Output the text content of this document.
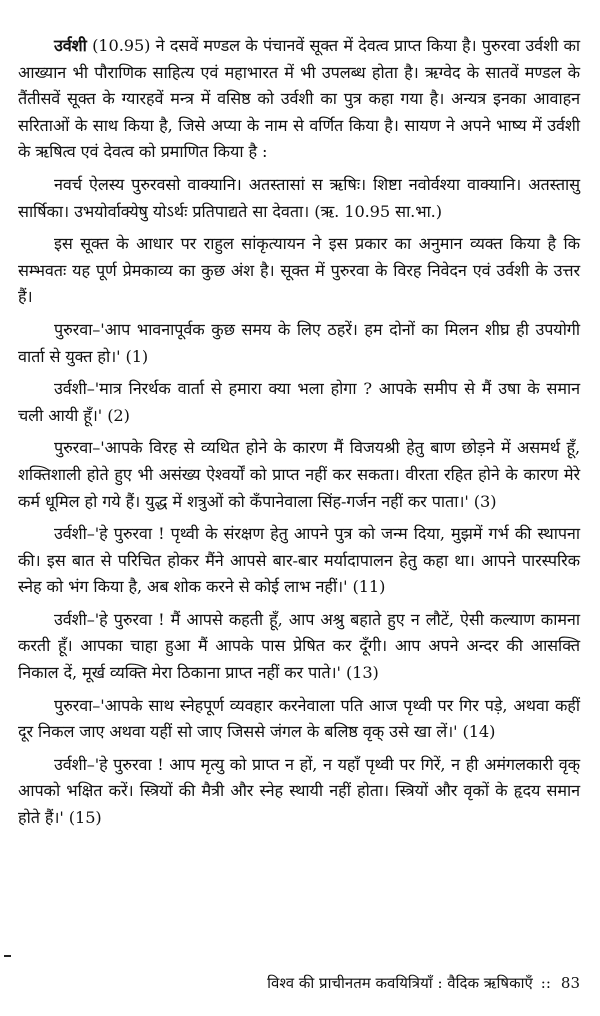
उर्वशी (10.95) ने दसवें मण्डल के पंचानवें सूक्त में देवत्व प्राप्त किया है। पुरुरवा उर्वशी का आख्यान भी पौराणिक साहित्य एवं महाभारत में भी उपलब्ध होता है। ऋग्वेद के सातवें मण्डल के तैंतीसवें सूक्त के ग्यारहवें मन्त्र में वसिष्ठ को उर्वशी का पुत्र कहा गया है। अन्यत्र इनका आवाहन सरिताओं के साथ किया है, जिसे अप्या के नाम से वर्णित किया है। सायण ने अपने भाष्य में उर्वशी के ऋषित्व एवं देवत्व को प्रमाणित किया है :

नवर्च ऐलस्य पुरुरवसो वाक्यानि। अतस्तासां स ऋषिः। शिष्टा नवोर्वश्या वाक्यानि। अतस्तासु सार्षिका। उभयोर्वाक्येषु योऽर्थः प्रतिपाद्यते सा देवता। (ऋ. 10.95 सा.भा.)

इस सूक्त के आधार पर राहुल सांकृत्यायन ने इस प्रकार का अनुमान व्यक्त किया है कि सम्भवतः यह पूर्ण प्रेमकाव्य का कुछ अंश है। सूक्त में पुरुरवा के विरह निवेदन एवं उर्वशी के उत्तर हैं।

पुरुरवा–'आप भावनापूर्वक कुछ समय के लिए ठहरें। हम दोनों का मिलन शीघ्र ही उपयोगी वार्ता से युक्त हो।' (1)

उर्वशी–'मात्र निरर्थक वार्ता से हमारा क्या भला होगा ? आपके समीप से मैं उषा के समान चली आयी हूँ।' (2)

पुरुरवा–'आपके विरह से व्यथित होने के कारण मैं विजयश्री हेतु बाण छोड़ने में असमर्थ हूँ, शक्तिशाली होते हुए भी असंख्य ऐश्वर्यों को प्राप्त नहीं कर सकता। वीरता रहित होने के कारण मेरे कर्म धूमिल हो गये हैं। युद्ध में शत्रुओं को कँपानेवाला सिंह-गर्जन नहीं कर पाता।' (3)

उर्वशी–'हे पुरुरवा ! पृथ्वी के संरक्षण हेतु आपने पुत्र को जन्म दिया, मुझमें गर्भ की स्थापना की। इस बात से परिचित होकर मैंने आपसे बार-बार मर्यादापालन हेतु कहा था। आपने पारस्परिक स्नेह को भंग किया है, अब शोक करने से कोई लाभ नहीं।' (11)

उर्वशी–'हे पुरुरवा ! मैं आपसे कहती हूँ, आप अश्रु बहाते हुए न लौटें, ऐसी कल्याण कामना करती हूँ। आपका चाहा हुआ मैं आपके पास प्रेषित कर दूँगी। आप अपने अन्दर की आसक्ति निकाल दें, मूर्ख व्यक्ति मेरा ठिकाना प्राप्त नहीं कर पाते।' (13)

पुरुरवा–'आपके साथ स्नेहपूर्ण व्यवहार करनेवाला पति आज पृथ्वी पर गिर पड़े, अथवा कहीं दूर निकल जाए अथवा यहीं सो जाए जिससे जंगल के बलिष्ठ वृक् उसे खा लें।' (14)

उर्वशी–'हे पुरुरवा ! आप मृत्यु को प्राप्त न हों, न यहाँ पृथ्वी पर गिरें, न ही अमंगलकारी वृक् आपको भक्षित करें। स्त्रियों की मैत्री और स्नेह स्थायी नहीं होता। स्त्रियों और वृकों के हृदय समान होते हैं।' (15)

विश्व की प्राचीनतम कवयित्रियाँ : वैदिक ऋषिकाएँ :: 83
